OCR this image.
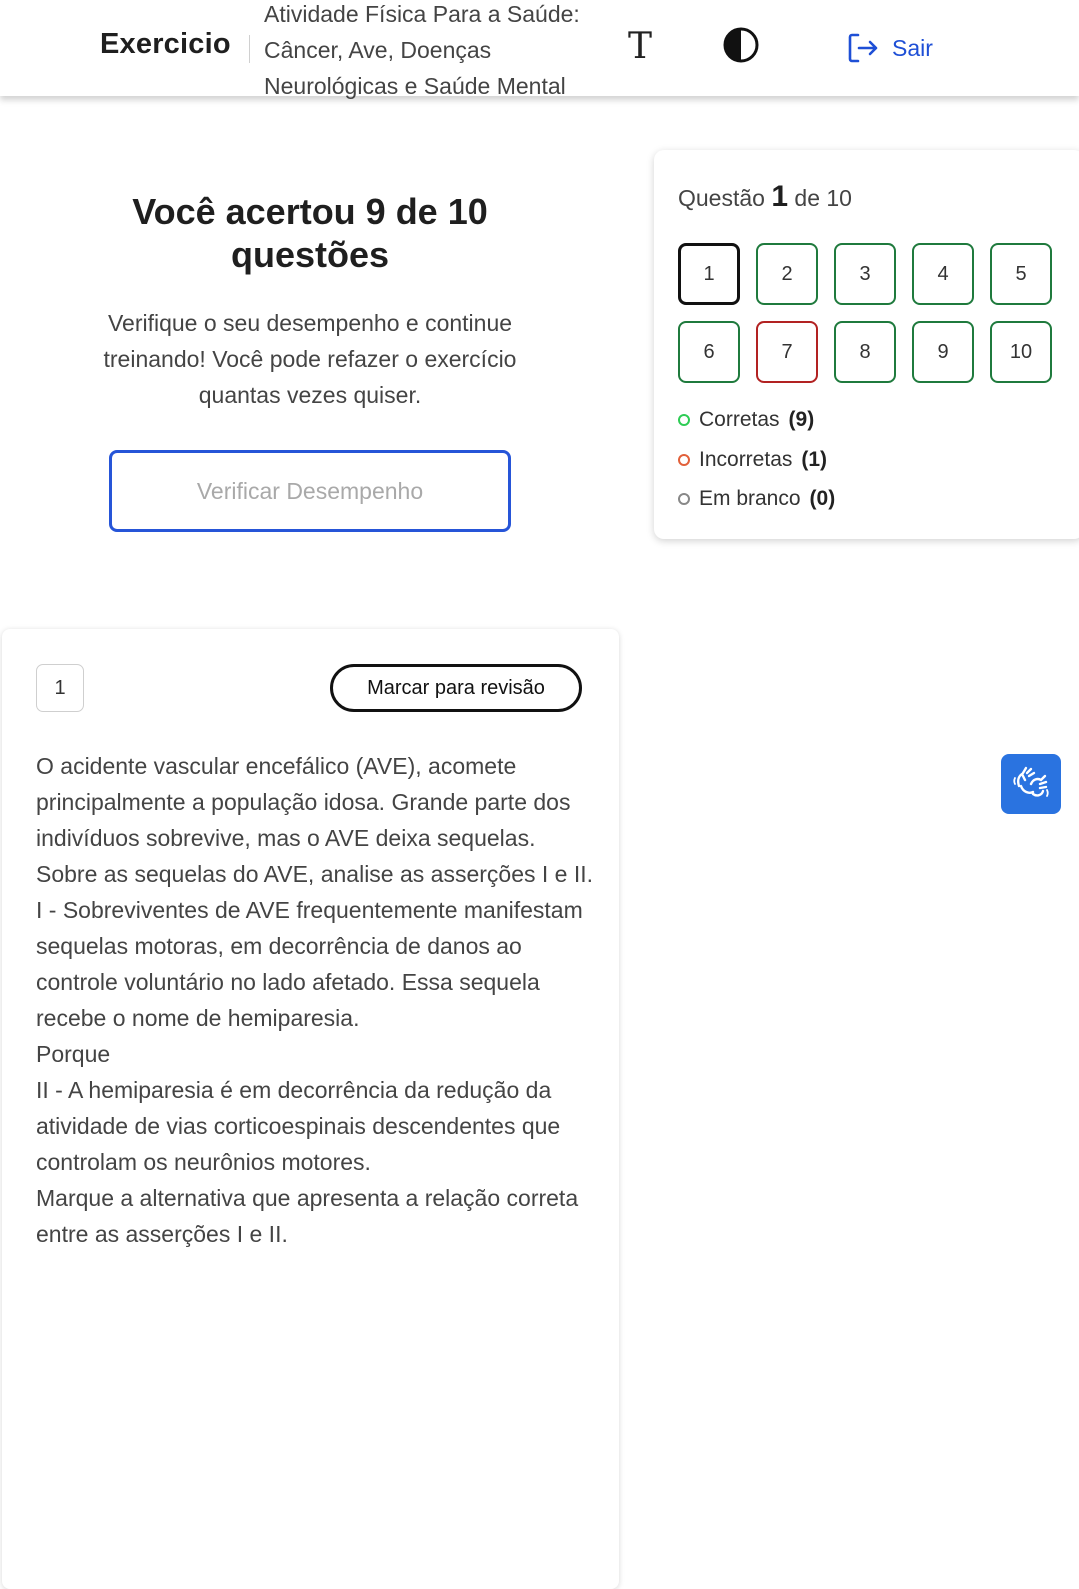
Exercicio
Atividade Física Para a Saúde: Câncer, Ave, Doenças Neurológicas e Saúde Mental
T	Sair
Você acertou 9 de 10 questões
Verifique o seu desempenho e continue treinando! Você pode refazer o exercício quantas vezes quiser.
Verificar Desempenho
Questão 1 de 10
1	2	3	4	5
6	7	8	9	10
Corretas (9)
Incorretas (1)
Em branco (0)
1	Marcar para revisão

O acidente vascular encefálico (AVE), acomete principalmente a população idosa. Grande parte dos indivíduos sobrevive, mas o AVE deixa sequelas. Sobre as sequelas do AVE, analise as asserções I e II.

I - Sobreviventes de AVE frequentemente manifestam sequelas motoras, em decorrência de danos ao controle voluntário no lado afetado. Essa sequela recebe o nome de hemiparesia.

Porque

II - A hemiparesia é em decorrência da redução da atividade de vias corticoespinais descendentes que controlam os neurônios motores.

Marque a alternativa que apresenta a relação correta entre as asserções I e II.
